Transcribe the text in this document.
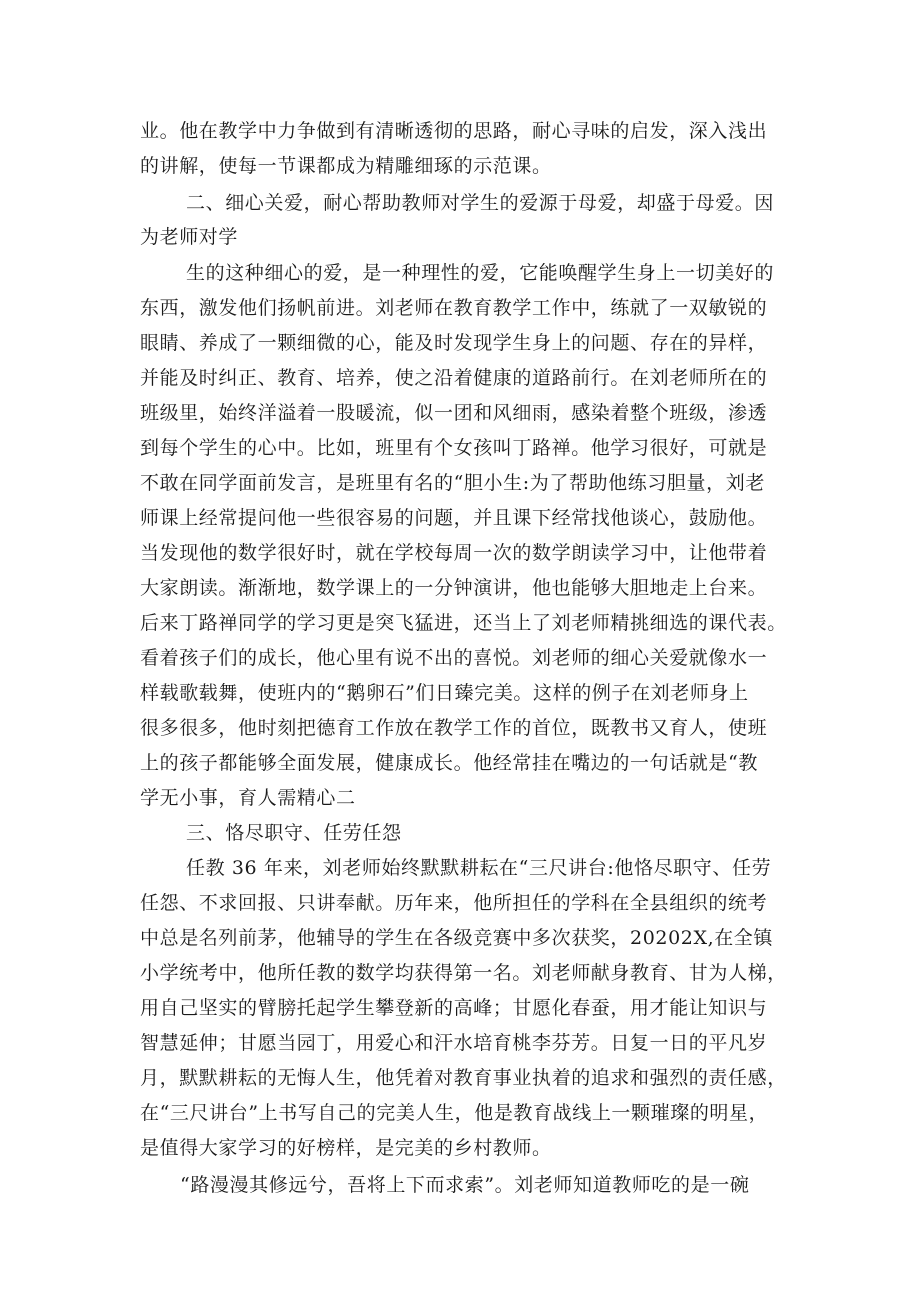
业。他在教学中力争做到有清晰透彻的思路，耐心寻味的启发，深入浅出
的讲解，使每一节课都成为精雕细琢的示范课。
二、细心关爱，耐心帮助教师对学生的爱源于母爱，却盛于母爱。因
为老师对学
生的这种细心的爱，是一种理性的爱，它能唤醒学生身上一切美好的
东西，激发他们扬帆前进。刘老师在教育教学工作中，练就了一双敏锐的
眼睛、养成了一颗细微的心，能及时发现学生身上的问题、存在的异样，
并能及时纠正、教育、培养，使之沿着健康的道路前行。在刘老师所在的
班级里，始终洋溢着一股暖流，似一团和风细雨，感染着整个班级，渗透
到每个学生的心中。比如，班里有个女孩叫丁路禅。他学习很好，可就是
不敢在同学面前发言，是班里有名的“胆小生:为了帮助他练习胆量，刘老
师课上经常提问他一些很容易的问题，并且课下经常找他谈心，鼓励他。
当发现他的数学很好时，就在学校每周一次的数学朗读学习中，让他带着
大家朗读。渐渐地，数学课上的一分钟演讲，他也能够大胆地走上台来。
后来丁路禅同学的学习更是突飞猛进，还当上了刘老师精挑细选的课代表。
看着孩子们的成长，他心里有说不出的喜悦。刘老师的细心关爱就像水一
样载歌载舞，使班内的“鹅卵石”们日臻完美。这样的例子在刘老师身上
很多很多，他时刻把德育工作放在教学工作的首位，既教书又育人，使班
上的孩子都能够全面发展，健康成长。他经常挂在嘴边的一句话就是“教
学无小事，育人需精心二
三、恪尽职守、任劳任怨
任教 36 年来，刘老师始终默默耕耘在“三尺讲台:他恪尽职守、任劳
任怨、不求回报、只讲奉献。历年来，他所担任的学科在全县组织的统考
中总是名列前茅，他辅导的学生在各级竞赛中多次获奖，20202X,在全镇
小学统考中，他所任教的数学均获得第一名。刘老师献身教育、甘为人梯，
用自己坚实的臂膀托起学生攀登新的高峰；甘愿化春蚕，用才能让知识与
智慧延伸；甘愿当园丁，用爱心和汗水培育桃李芬芳。日复一日的平凡岁
月，默默耕耘的无悔人生，他凭着对教育事业执着的追求和强烈的责任感，
在“三尺讲台”上书写自己的完美人生，他是教育战线上一颗璀璨的明星，
是值得大家学习的好榜样，是完美的乡村教师。
“路漫漫其修远兮，吾将上下而求索”。刘老师知道教师吃的是一碗
